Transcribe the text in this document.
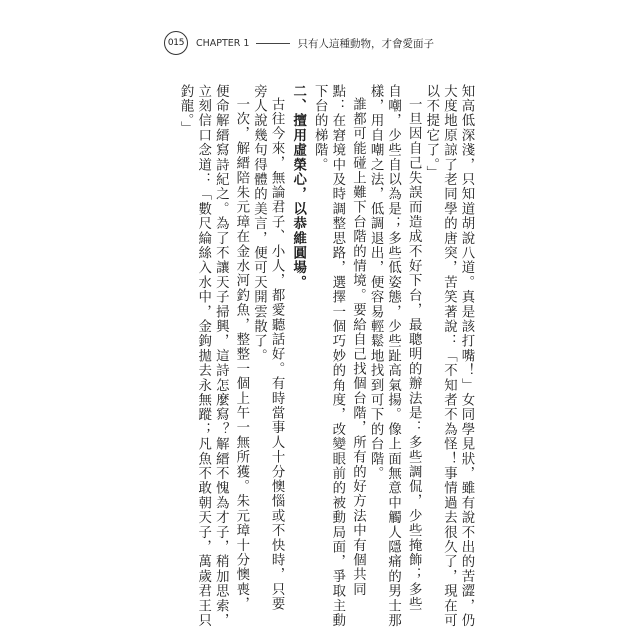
015 CHAPTER 1	只有人這種動物，才會愛面子
知高低深淺，只知道胡說八道。真是該打嘴！」女同學見狀，雖有說不出的苦澀，仍
大度地原諒了老同學的唐突，苦笑著說：「不知者不為怪！事情過去很久了，現在可
以不提它了。」
一旦因自己失誤而造成不好下台，最聰明的辦法是：多些調侃，少些掩飾；多些
自嘲，少些自以為是；多些低姿態，少些趾高氣揚。像上面無意中觸人隱痛的男士那
樣，用自嘲之法，低調退出，便容易輕鬆地找到可下的台階。
誰都可能碰上難下台階的情境。要給自己找個台階，所有的好方法中有個共同
點：在窘境中及時調整思路，選擇一個巧妙的角度，改變眼前的被動局面，爭取主動
下台的梯階。
二、擅用虛榮心，以恭維圓場。
古往今來，無論君子、小人，都愛聽話好。有時當事人十分懊惱或不快時，只要
旁人說幾句得體的美言，便可天開雲散了。
一次，解縉陪朱元璋在金水河釣魚，整整一個上午一無所獲。朱元璋十分懊喪，
便命解縉寫詩紀之。為了不讓天子掃興，這詩怎麼寫？解縉不愧為才子，稍加思索，
立刻信口念道：「數尺綸絲入水中，金鉤拋去永無蹤；凡魚不敢朝天子，萬歲君王只
釣龍。」
